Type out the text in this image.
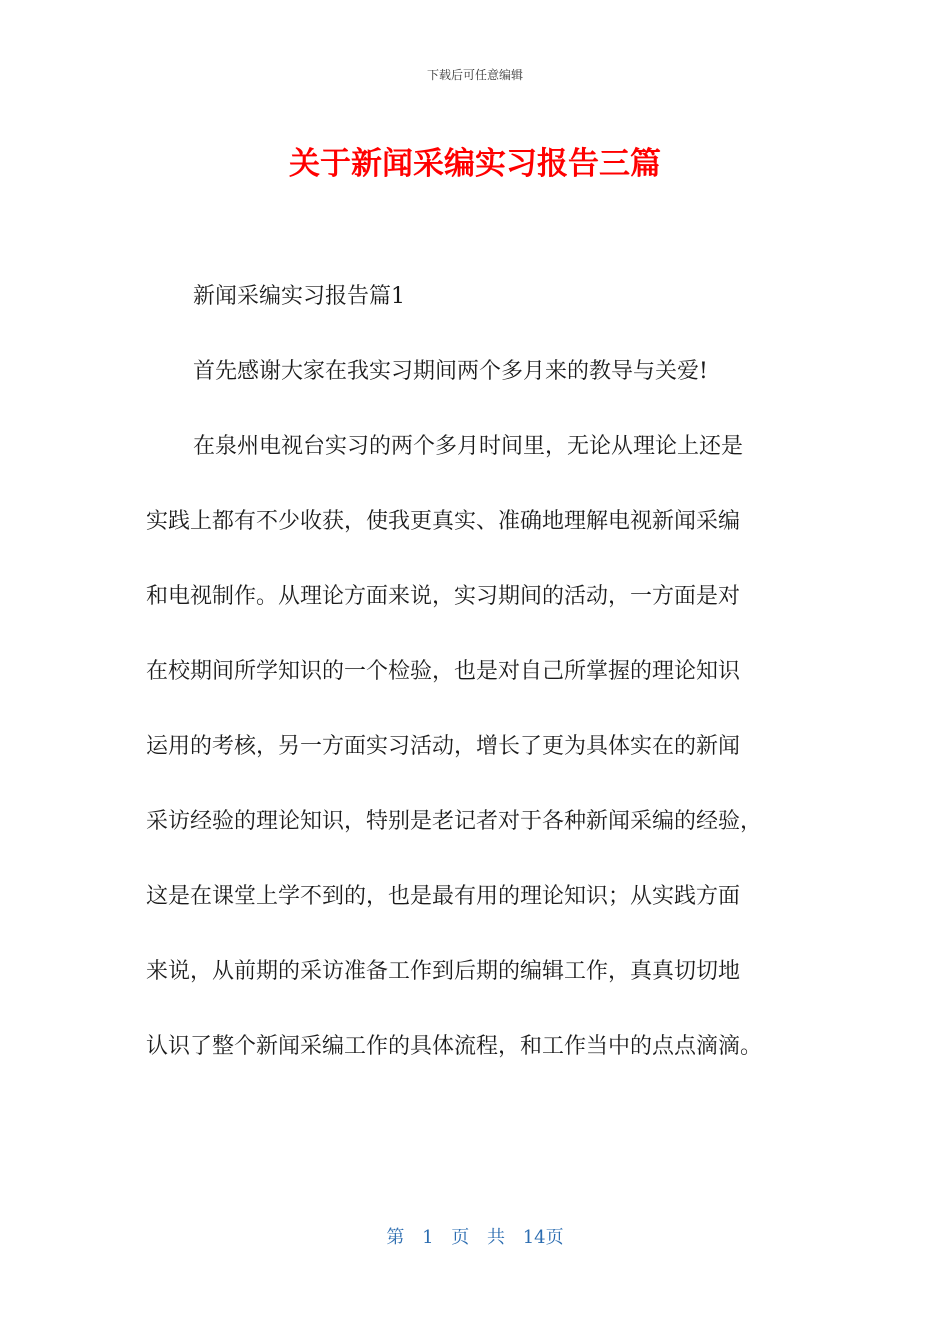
下载后可任意编辑
关于新闻采编实习报告三篇

新闻采编实习报告篇1

首先感谢大家在我实习期间两个多月来的教导与关爱!

在泉州电视台实习的两个多月时间里，无论从理论上还是
实践上都有不少收获，使我更真实、准确地理解电视新闻采编
和电视制作。从理论方面来说，实习期间的活动，一方面是对
在校期间所学知识的一个检验，也是对自己所掌握的理论知识
运用的考核，另一方面实习活动，增长了更为具体实在的新闻
采访经验的理论知识，特别是老记者对于各种新闻采编的经验，
这是在课堂上学不到的，也是最有用的理论知识；从实践方面
来说，从前期的采访准备工作到后期的编辑工作，真真切切地
认识了整个新闻采编工作的具体流程，和工作当中的点点滴滴。
第 1 页 共 14页
